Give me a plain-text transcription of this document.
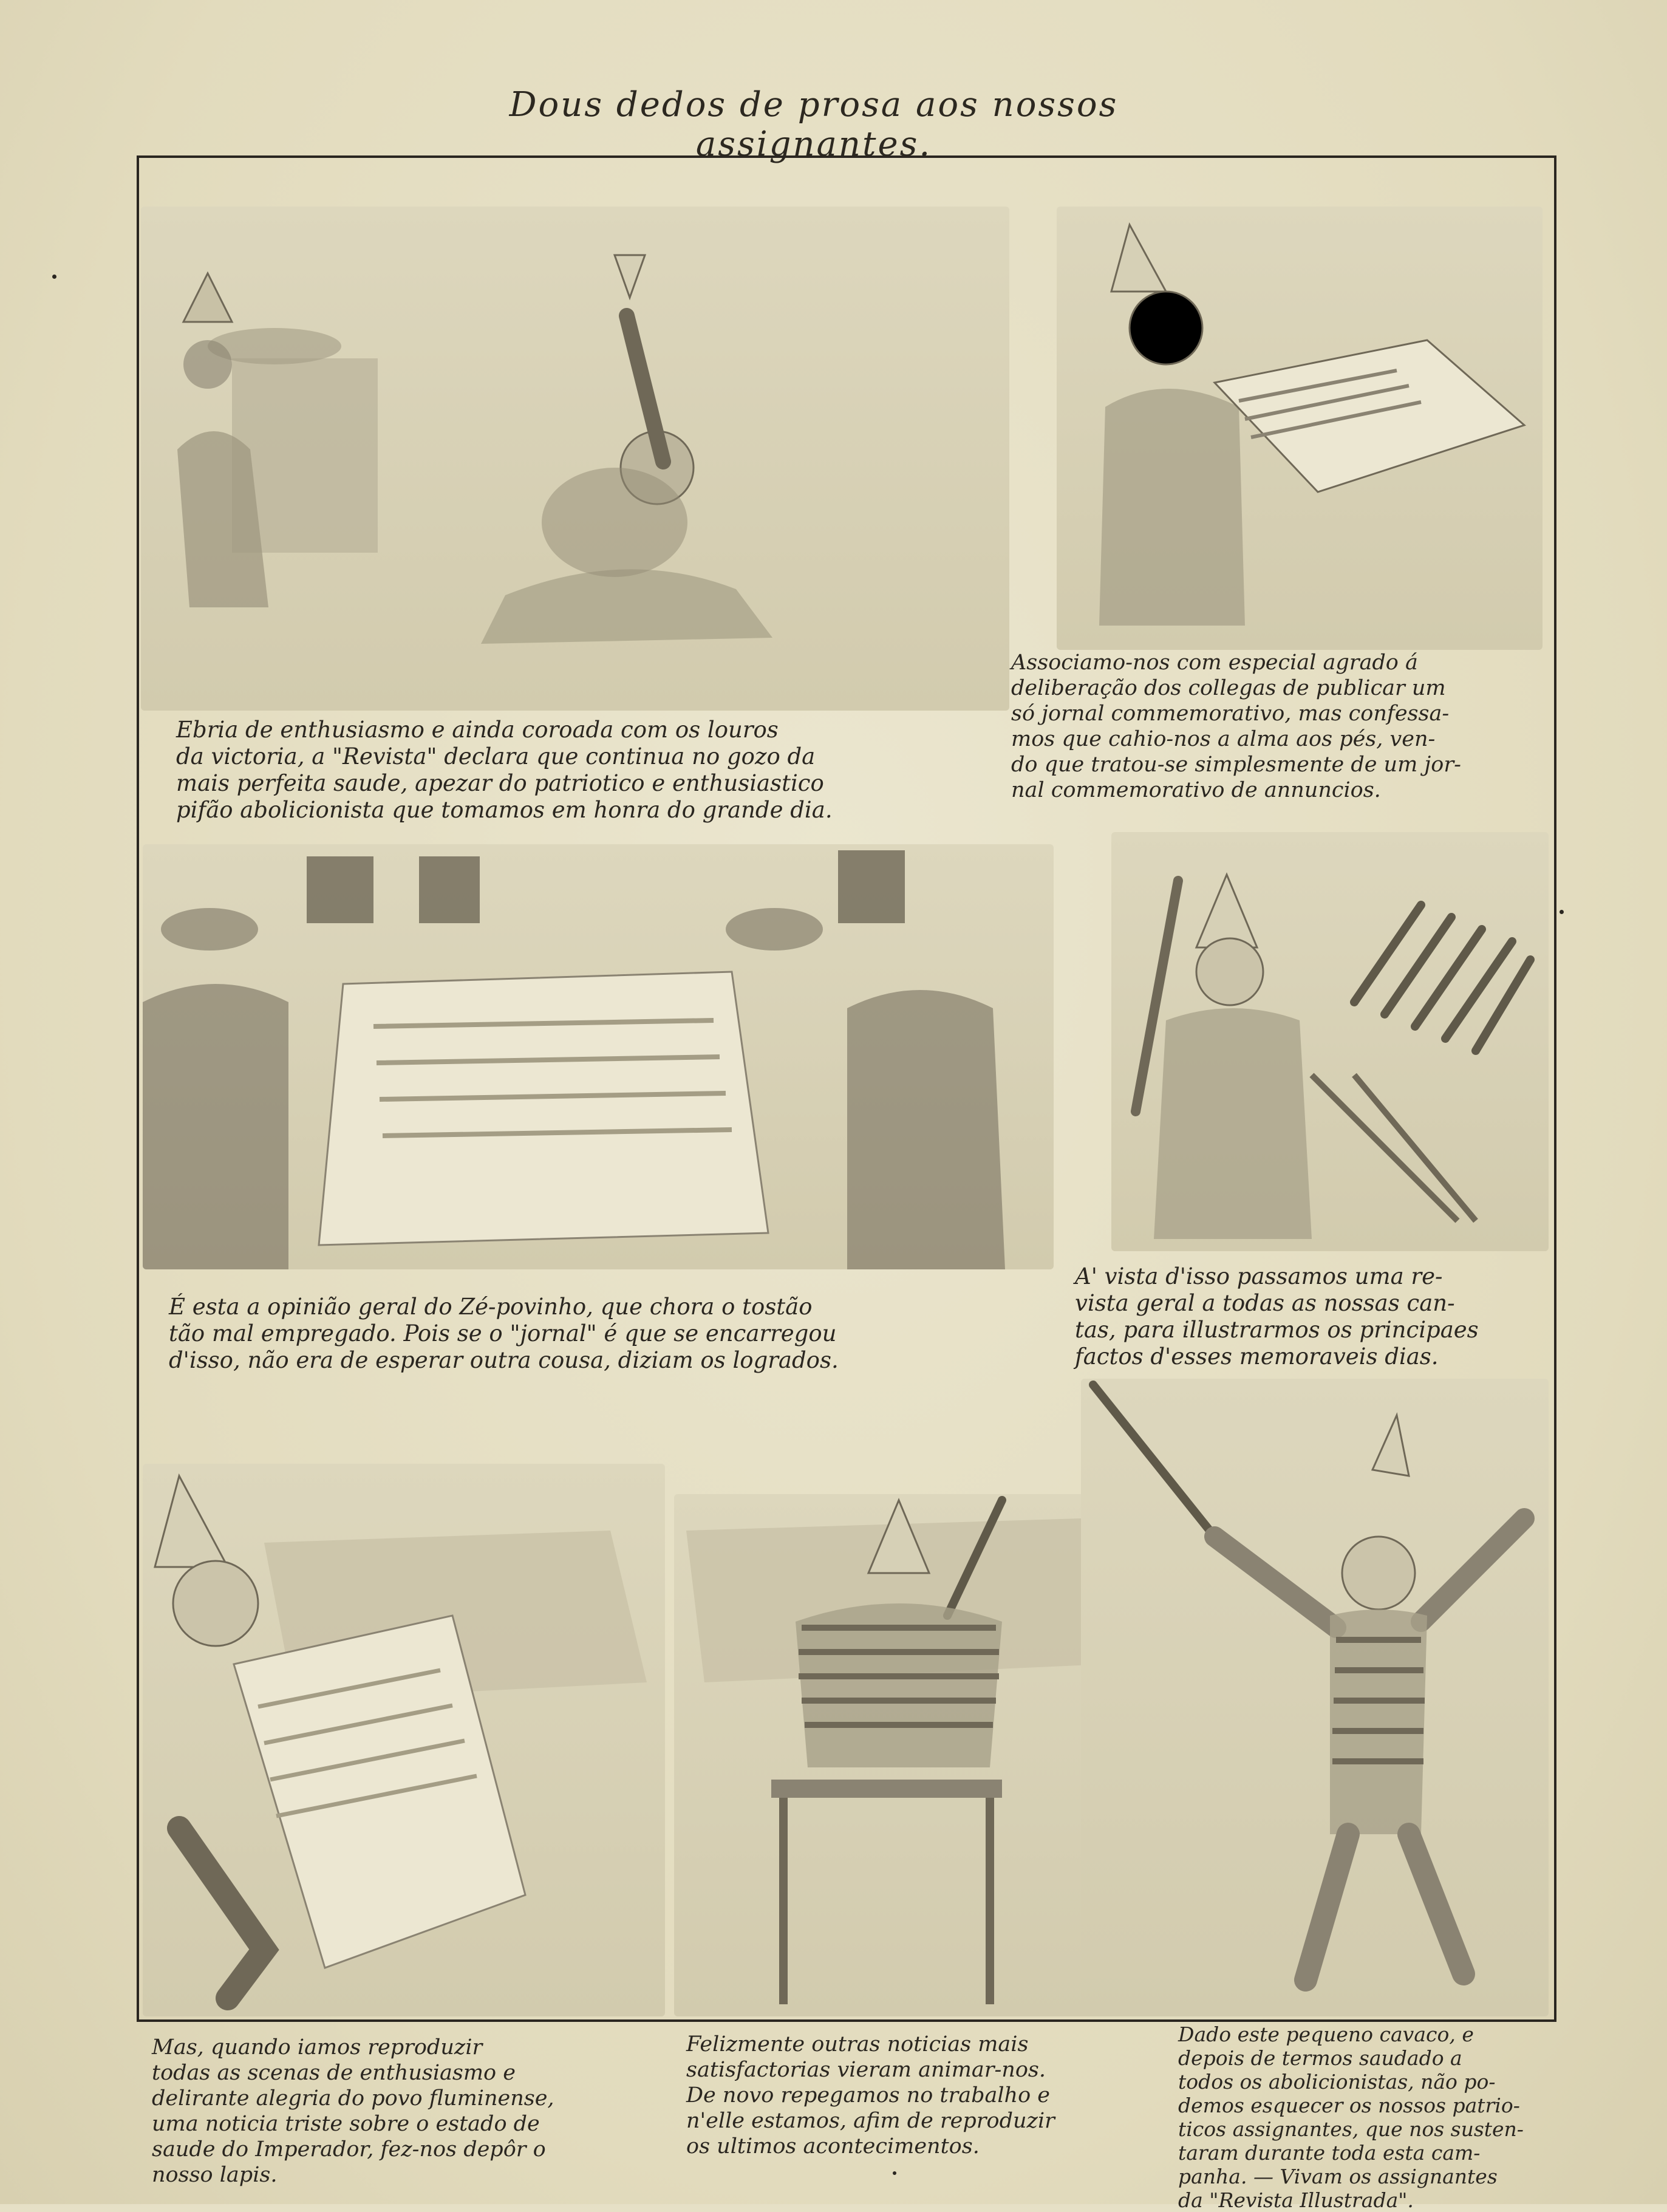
Dous dedos de prosa aos nossos assignantes.
Ebria de enthusiasmo e ainda coroada com os louros
da victoria, a "Revista" declara que continua no gozo da
mais perfeita saude, apezar do patriotico e enthusiastico
pifão abolicionista que tomamos em honra do grande dia.
Associamo-nos com especial agrado á
deliberação dos collegas de publicar um
só jornal commemorativo, mas confessa-
mos que cahio-nos a alma aos pés, ven-
do que tratou-se simplesmente de um jor-
nal commemorativo de annuncios.
É esta a opinião geral do Zé-povinho, que chora o tostão
tão mal empregado. Pois se o "jornal" é que se encarregou
d'isso, não era de esperar outra cousa, diziam os logrados.
A' vista d'isso passamos uma re-
vista geral a todas as nossas can-
tas, para illustrarmos os principaes
factos d'esses memoraveis dias.
Mas, quando iamos reproduzir
todas as scenas de enthusiasmo e
delirante alegria do povo fluminense,
uma noticia triste sobre o estado de
saude do Imperador, fez-nos depôr o
nosso lapis.
Felizmente outras noticias mais
satisfactorias vieram animar-nos.
De novo repegamos no trabalho e
n'elle estamos, afim de reproduzir
os ultimos acontecimentos.
Dado este pequeno cavaco, e
depois de termos saudado a
todos os abolicionistas, não po-
demos esquecer os nossos patrio-
ticos assignantes, que nos susten-
taram durante toda esta cam-
panha. — Vivam os assignantes
da "Revista Illustrada".
